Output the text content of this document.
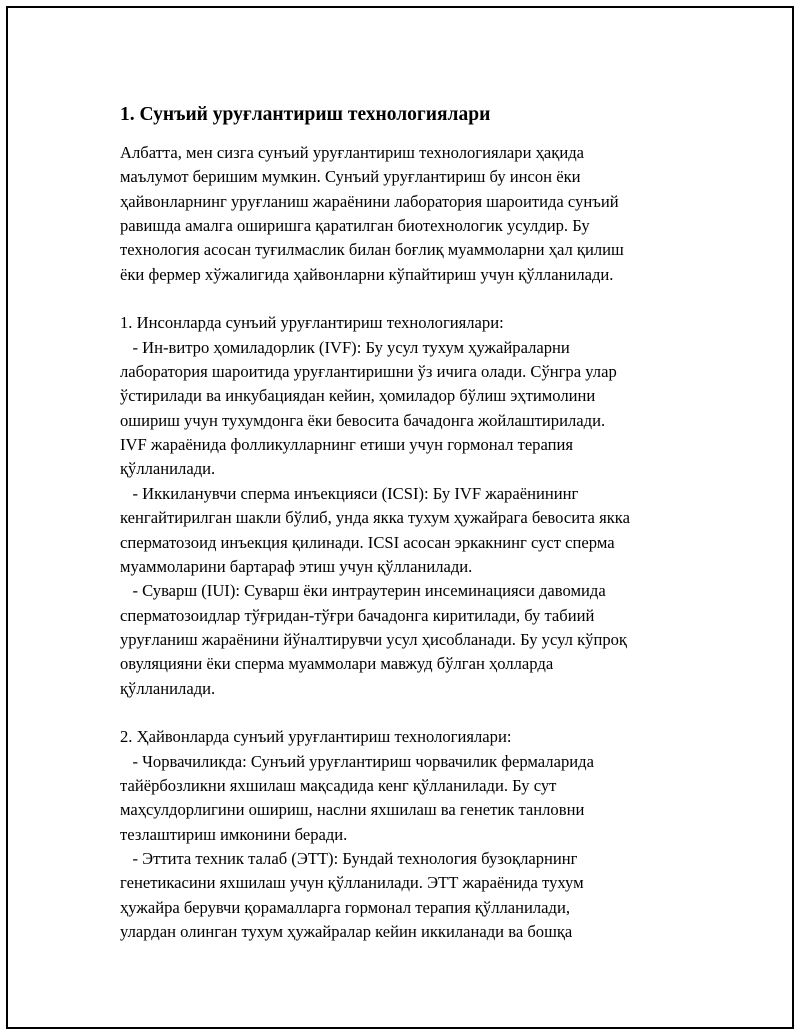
1. Сунъий уруғлантириш технологиялари
Албатта, мен сизга сунъий уруғлантириш технологиялари ҳақида
маълумот беришим мумкин. Сунъий уруғлантириш бу инсон ёки
ҳайвонларнинг уруғланиш жараёнини лаборатория шароитида сунъий
равишда амалга оширишга қаратилган биотехнологик усулдир. Бу
технология асосан туғилмаслик билан боғлиқ муаммоларни ҳал қилиш
ёки фермер хўжалигида ҳайвонларни кўпайтириш учун қўлланилади.
1. Инсонларда сунъий уруғлантириш технологиялари:
- Ин-витро ҳомиладорлик (IVF): Бу усул тухум ҳужайраларни
лаборатория шароитида уруғлантиришни ўз ичига олади. Сўнгра улар
ўстирилади ва инкубациядан кейин, ҳомиладор бўлиш эҳтимолини
ошириш учун тухумдонга ёки бевосита бачадонга жойлаштирилади.
IVF жараёнида фолликулларнинг етиши учун гормонал терапия
қўлланилади.
- Иккиланувчи сперма инъекцияси (ICSI): Бу IVF жараёнининг
кенгайтирилган шакли бўлиб, унда якка тухум ҳужайрага бевосита якка
сперматозоид инъекция қилинади. ICSI асосан эркакнинг суст сперма
муаммоларини бартараф этиш учун қўлланилади.
- Суварш (IUI): Суварш ёки интраутерин инсеминацияси давомида
сперматозоидлар тўғридан-тўғри бачадонга киритилади, бу табиий
уруғланиш жараёнини йўналтирувчи усул ҳисобланади. Бу усул кўпроқ
овуляцияни ёки сперма муаммолари мавжуд бўлган ҳолларда
қўлланилади.
2. Ҳайвонларда сунъий уруғлантириш технологиялари:
- Чорвачиликда: Сунъий уруғлантириш чорвачилик фермаларида
тайёрбозликни яхшилаш мақсадида кенг қўлланилади. Бу сут
маҳсулдорлигини ошириш, наслни яхшилаш ва генетик танловни
тезлаштириш имконини беради.
- Эттита техник талаб (ЭТТ): Бундай технология бузоқларнинг
генетикасини яхшилаш учун қўлланилади. ЭТТ жараёнида тухум
ҳужайра берувчи қорамалларга гормонал терапия қўлланилади,
улардан олинган тухум ҳужайралар кейин иккиланади ва бошқа
